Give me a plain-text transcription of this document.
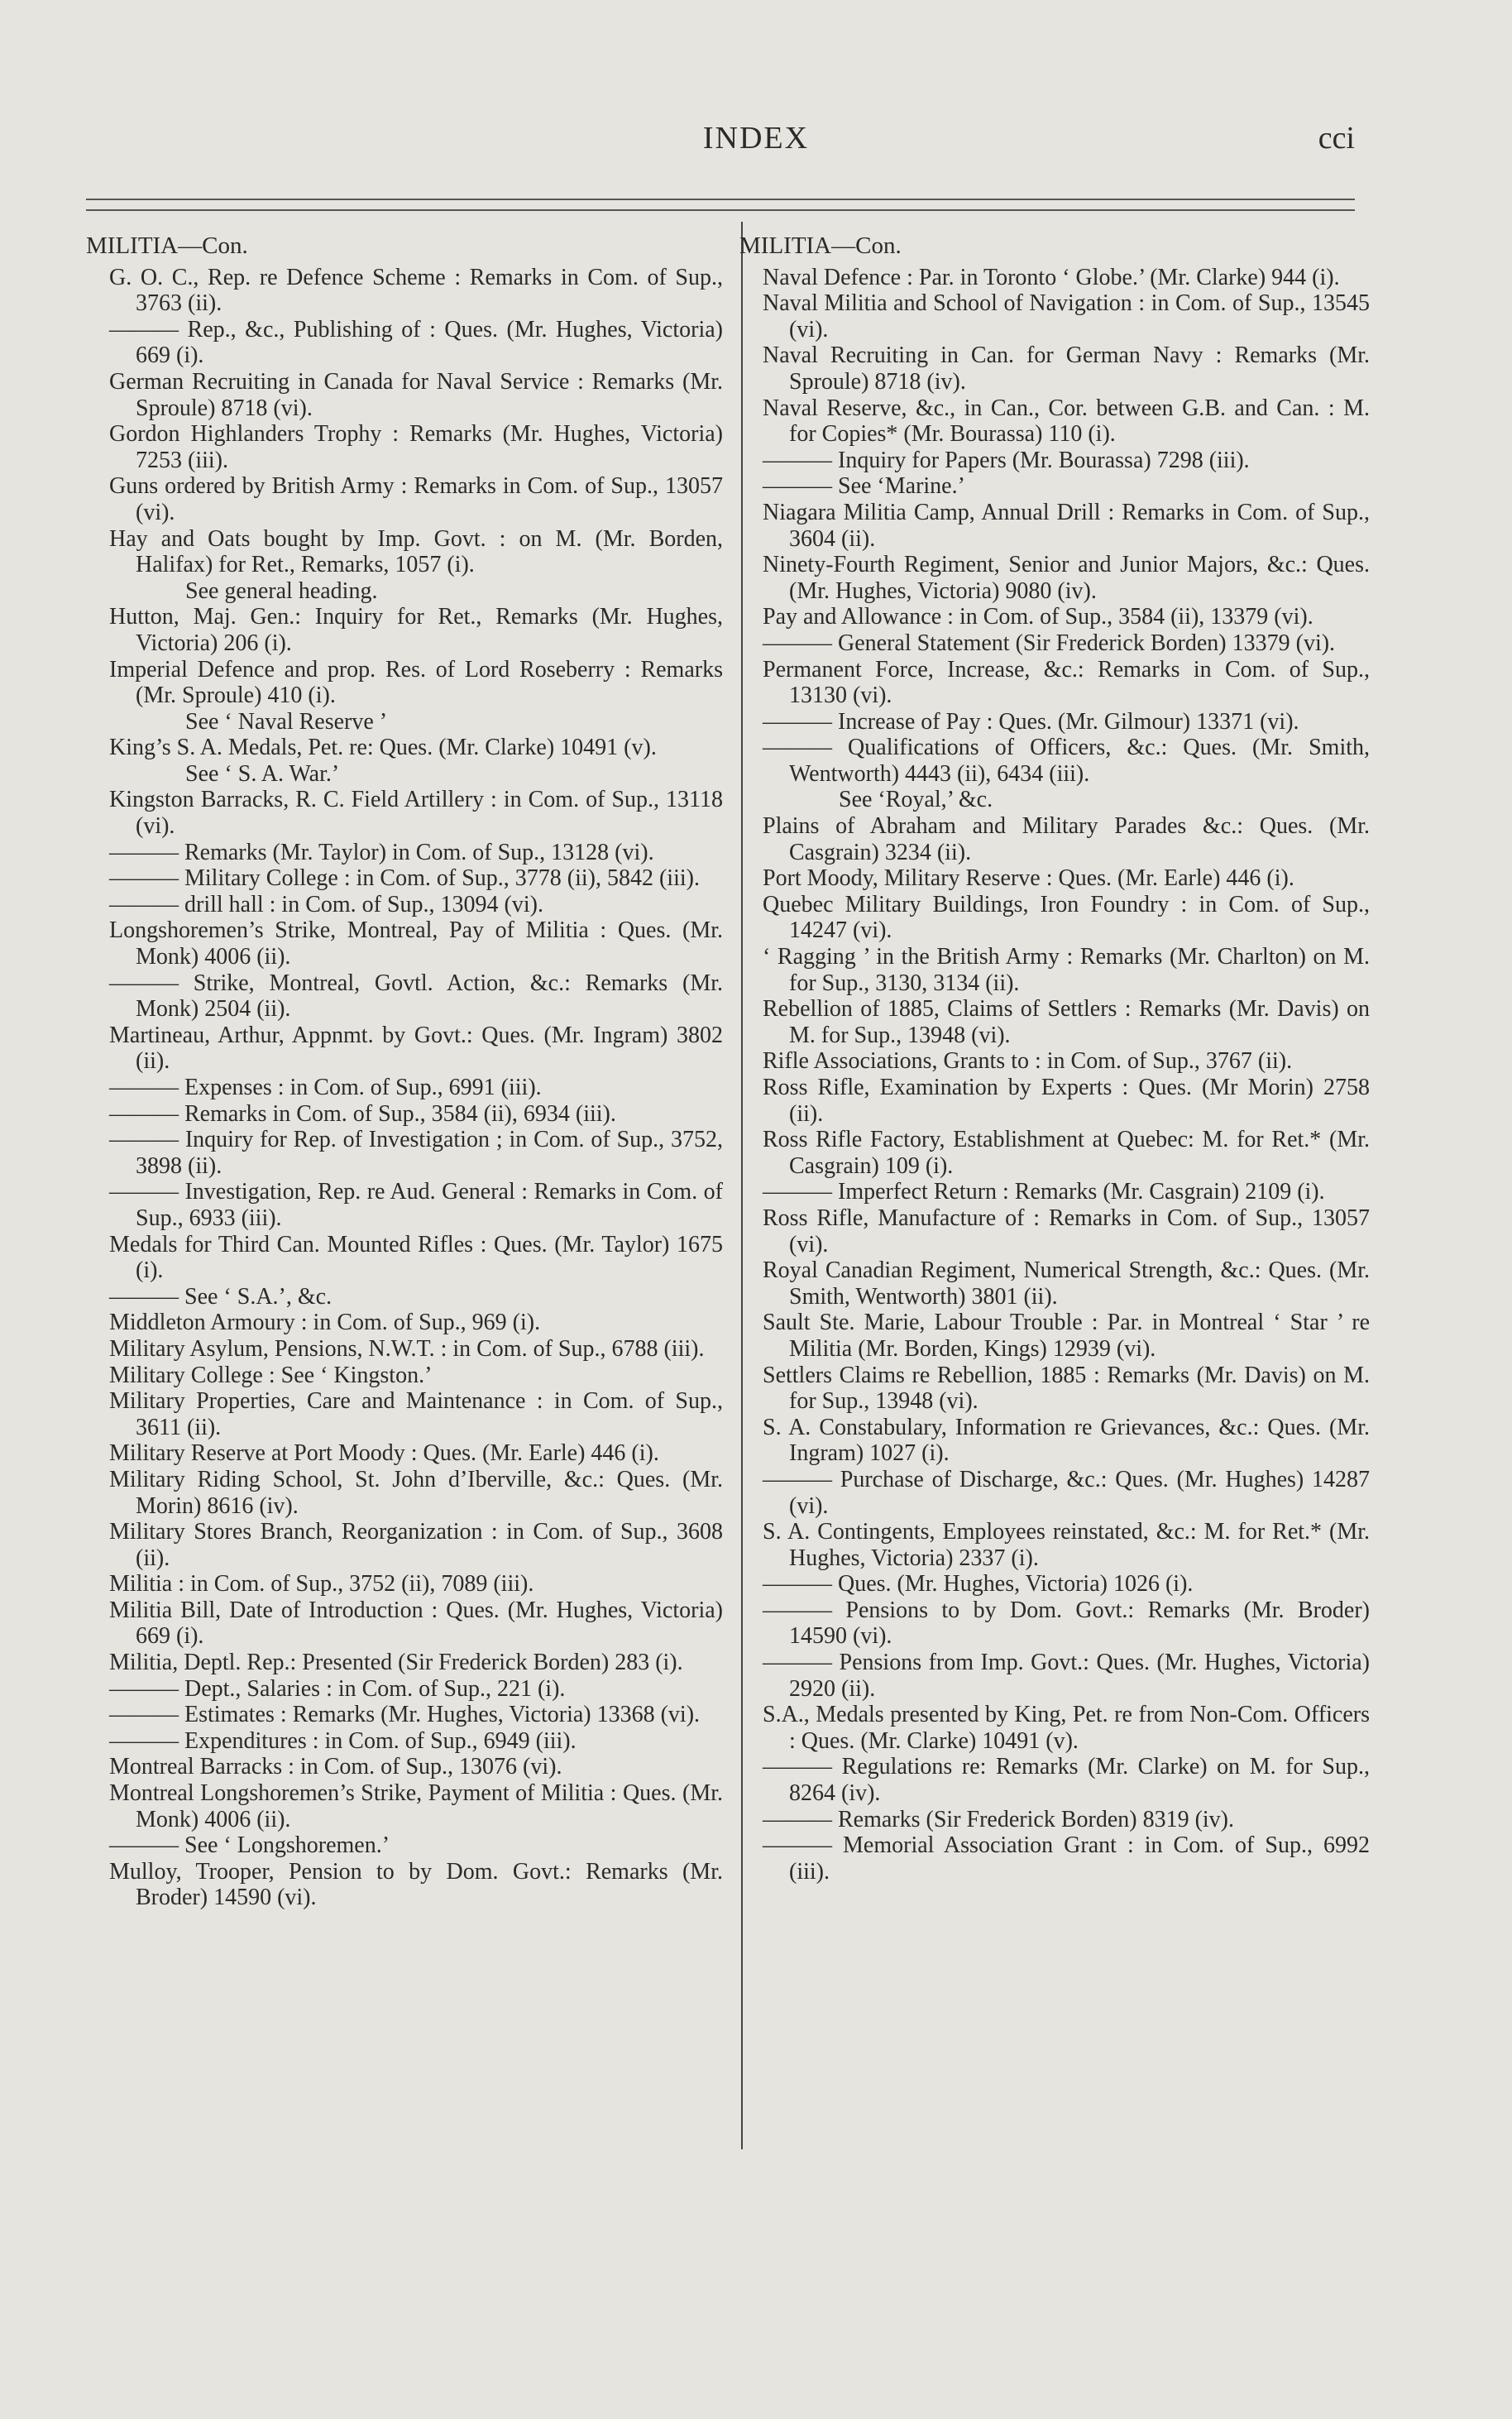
INDEX	cci
MILITIA—Con.
G. O. C., Rep. re Defence Scheme : Remarks in Com. of Sup., 3763 (ii).
——— Rep., &c., Publishing of : Ques. (Mr. Hughes, Victoria) 669 (i).
German Recruiting in Canada for Naval Service : Remarks (Mr. Sproule) 8718 (vi).
Gordon Highlanders Trophy : Remarks (Mr. Hughes, Victoria) 7253 (iii).
Guns ordered by British Army : Remarks in Com. of Sup., 13057 (vi).
Hay and Oats bought by Imp. Govt. : on M. (Mr. Borden, Halifax) for Ret., Remarks, 1057 (i).
See general heading.
Hutton, Maj. Gen.: Inquiry for Ret., Remarks (Mr. Hughes, Victoria) 206 (i).
Imperial Defence and prop. Res. of Lord Roseberry : Remarks (Mr. Sproule) 410 (i).
See ‘ Naval Reserve ’
King’s S. A. Medals, Pet. re: Ques. (Mr. Clarke) 10491 (v).
See ‘ S. A. War.’
Kingston Barracks, R. C. Field Artillery : in Com. of Sup., 13118 (vi).
——— Remarks (Mr. Taylor) in Com. of Sup., 13128 (vi).
——— Military College : in Com. of Sup., 3778 (ii), 5842 (iii).
——— drill hall : in Com. of Sup., 13094 (vi).
Longshoremen’s Strike, Montreal, Pay of Militia : Ques. (Mr. Monk) 4006 (ii).
——— Strike, Montreal, Govtl. Action, &c.: Remarks (Mr. Monk) 2504 (ii).
Martineau, Arthur, Appnmt. by Govt.: Ques. (Mr. Ingram) 3802 (ii).
——— Expenses : in Com. of Sup., 6991 (iii).
——— Remarks in Com. of Sup., 3584 (ii), 6934 (iii).
——— Inquiry for Rep. of Investigation ; in Com. of Sup., 3752, 3898 (ii).
——— Investigation, Rep. re Aud. General : Remarks in Com. of Sup., 6933 (iii).
Medals for Third Can. Mounted Rifles : Ques. (Mr. Taylor) 1675 (i).
——— See ‘ S.A.’, &c.
Middleton Armoury : in Com. of Sup., 969 (i).
Military Asylum, Pensions, N.W.T. : in Com. of Sup., 6788 (iii).
Military College : See ‘ Kingston.’
Military Properties, Care and Maintenance : in Com. of Sup., 3611 (ii).
Military Reserve at Port Moody : Ques. (Mr. Earle) 446 (i).
Military Riding School, St. John d’Iberville, &c.: Ques. (Mr. Morin) 8616 (iv).
Military Stores Branch, Reorganization : in Com. of Sup., 3608 (ii).
Militia : in Com. of Sup., 3752 (ii), 7089 (iii).
Militia Bill, Date of Introduction : Ques. (Mr. Hughes, Victoria) 669 (i).
Militia, Deptl. Rep.: Presented (Sir Frederick Borden) 283 (i).
——— Dept., Salaries : in Com. of Sup., 221 (i).
——— Estimates : Remarks (Mr. Hughes, Victoria) 13368 (vi).
——— Expenditures : in Com. of Sup., 6949 (iii).
Montreal Barracks : in Com. of Sup., 13076 (vi).
Montreal Longshoremen’s Strike, Payment of Militia : Ques. (Mr. Monk) 4006 (ii).
——— See ‘ Longshoremen.’
Mulloy, Trooper, Pension to by Dom. Govt.: Remarks (Mr. Broder) 14590 (vi).
MILITIA—Con.
Naval Defence : Par. in Toronto ‘ Globe.’ (Mr. Clarke) 944 (i).
Naval Militia and School of Navigation : in Com. of Sup., 13545 (vi).
Naval Recruiting in Can. for German Navy : Remarks (Mr. Sproule) 8718 (iv).
Naval Reserve, &c., in Can., Cor. between G.B. and Can. : M. for Copies* (Mr. Bourassa) 110 (i).
——— Inquiry for Papers (Mr. Bourassa) 7298 (iii).
——— See ‘Marine.’
Niagara Militia Camp, Annual Drill : Remarks in Com. of Sup., 3604 (ii).
Ninety-Fourth Regiment, Senior and Junior Majors, &c.: Ques. (Mr. Hughes, Victoria) 9080 (iv).
Pay and Allowance : in Com. of Sup., 3584 (ii), 13379 (vi).
——— General Statement (Sir Frederick Borden) 13379 (vi).
Permanent Force, Increase, &c.: Remarks in Com. of Sup., 13130 (vi).
——— Increase of Pay : Ques. (Mr. Gilmour) 13371 (vi).
——— Qualifications of Officers, &c.: Ques. (Mr. Smith, Wentworth) 4443 (ii), 6434 (iii).
See ‘Royal,’ &c.
Plains of Abraham and Military Parades &c.: Ques. (Mr. Casgrain) 3234 (ii).
Port Moody, Military Reserve : Ques. (Mr. Earle) 446 (i).
Quebec Military Buildings, Iron Foundry : in Com. of Sup., 14247 (vi).
‘ Ragging ’ in the British Army : Remarks (Mr. Charlton) on M. for Sup., 3130, 3134 (ii).
Rebellion of 1885, Claims of Settlers : Remarks (Mr. Davis) on M. for Sup., 13948 (vi).
Rifle Associations, Grants to : in Com. of Sup., 3767 (ii).
Ross Rifle, Examination by Experts : Ques. (Mr Morin) 2758 (ii).
Ross Rifle Factory, Establishment at Quebec: M. for Ret.* (Mr. Casgrain) 109 (i).
——— Imperfect Return : Remarks (Mr. Casgrain) 2109 (i).
Ross Rifle, Manufacture of : Remarks in Com. of Sup., 13057 (vi).
Royal Canadian Regiment, Numerical Strength, &c.: Ques. (Mr. Smith, Wentworth) 3801 (ii).
Sault Ste. Marie, Labour Trouble : Par. in Montreal ‘ Star ’ re Militia (Mr. Borden, Kings) 12939 (vi).
Settlers Claims re Rebellion, 1885 : Remarks (Mr. Davis) on M. for Sup., 13948 (vi).
S. A. Constabulary, Information re Grievances, &c.: Ques. (Mr. Ingram) 1027 (i).
——— Purchase of Discharge, &c.: Ques. (Mr. Hughes) 14287 (vi).
S. A. Contingents, Employees reinstated, &c.: M. for Ret.* (Mr. Hughes, Victoria) 2337 (i).
——— Ques. (Mr. Hughes, Victoria) 1026 (i).
——— Pensions to by Dom. Govt.: Remarks (Mr. Broder) 14590 (vi).
——— Pensions from Imp. Govt.: Ques. (Mr. Hughes, Victoria) 2920 (ii).
S.A., Medals presented by King, Pet. re from Non-Com. Officers : Ques. (Mr. Clarke) 10491 (v).
——— Regulations re: Remarks (Mr. Clarke) on M. for Sup., 8264 (iv).
——— Remarks (Sir Frederick Borden) 8319 (iv).
——— Memorial Association Grant : in Com. of Sup., 6992 (iii).
